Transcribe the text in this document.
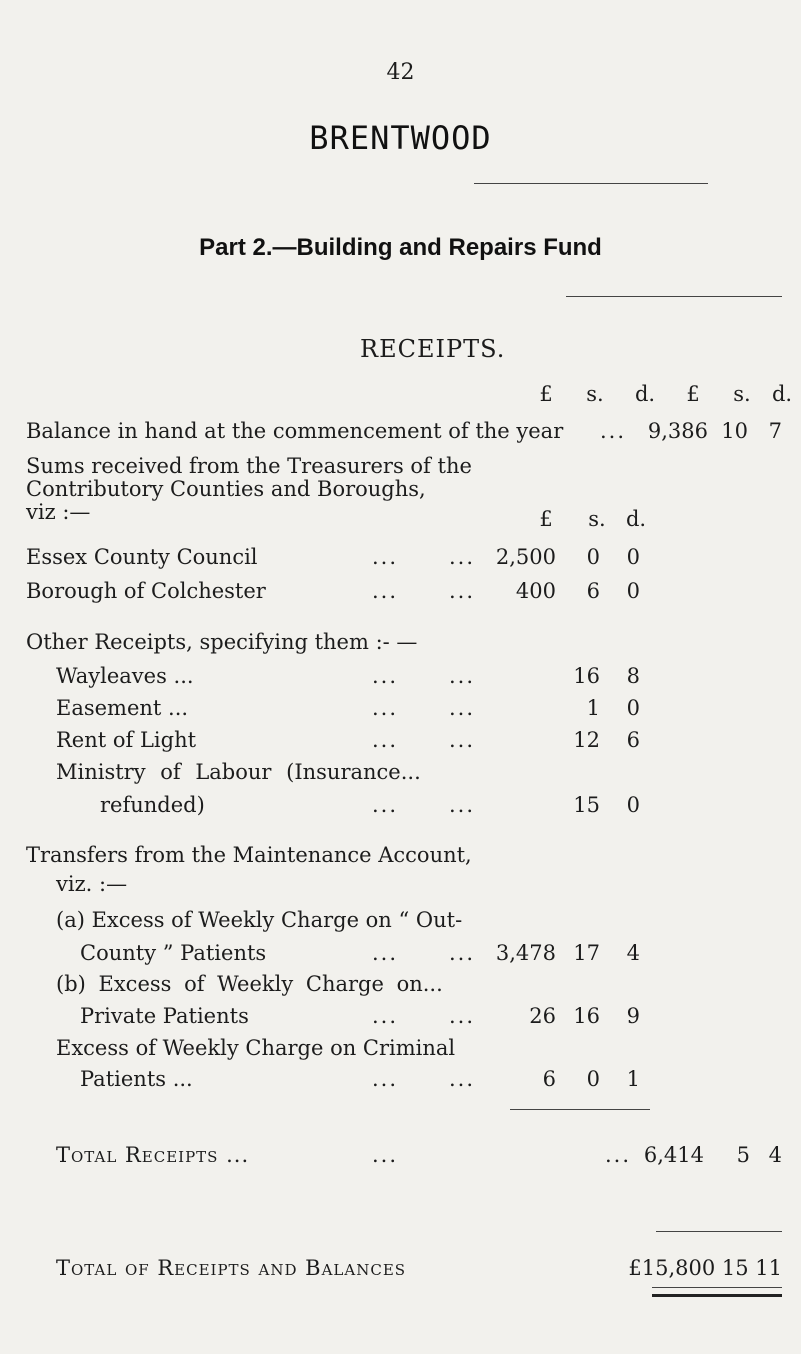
42
BRENTWOOD
Part 2.—Building and Repairs Fund
RECEIPTS.
£	s. d.	£	s. d.
Balance in hand at the commencement of the year ...	9,386 10 7
Sums received from the Treasurers of the
Contributory Counties and Boroughs,
viz :—	£	s. d.
Essex County Council	... ... 2,500	0	0
Borough of Colchester	... ...	400	6	0
Other Receipts, specifying them :- —
Wayleaves ...	... ...	16	8
Easement ...	... ...	1	0
Rent of Light	... ...	12	6
Ministry of Labour (Insurance...
refunded)	... ...	15	0
Transfers from the Maintenance Account,
viz. :—
(a) Excess of Weekly Charge on “ Out-
County ” Patients	... ... 3,478 17	4
(b) Excess of Weekly Charge on...
Private Patients	... ...	26 16	9
Excess of Weekly Charge on Criminal
Patients ...	... ...	6	0	1
Total Receipts ...	...	... 6,414	5 4
Total of Receipts and Balances	£15,800 15 11
